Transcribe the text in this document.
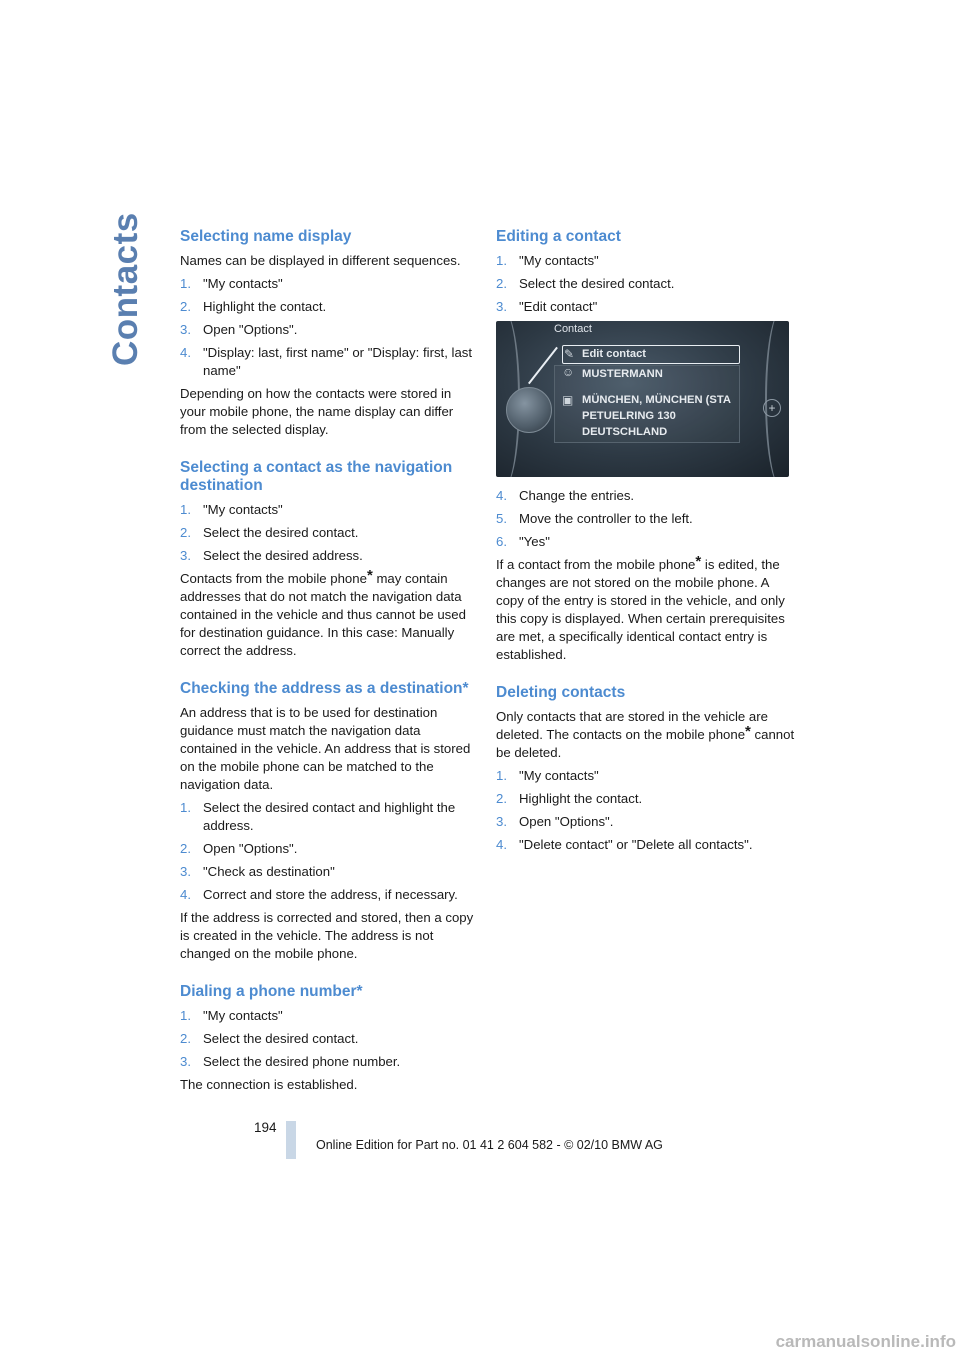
Contacts Selecting name display

Names can be displayed in different sequences.

1. "My contacts"
2. Highlight the contact.
3. Open "Options".
4. "Display: last, first name" or "Display: first, last name"

Depending on how the contacts were stored in your mobile phone, the name display can differ from the selected display.

Selecting a contact as the navigation destination
1. "My contacts"
2. Select the desired contact.
3. Select the desired address.

Contacts from the mobile phone* may contain addresses that do not match the navigation data contained in the vehicle and thus cannot be used for destination guidance. In this case: Manually correct the address.

Checking the address as a destination*

An address that is to be used for destination guidance must match the navigation data contained in the vehicle. An address that is stored on the mobile phone can be matched to the navigation data.

1. Select the desired contact and highlight the address.
2. Open "Options".
3. "Check as destination"
4. Correct and store the address, if necessary.

If the address is corrected and stored, then a copy is created in the vehicle. The address is not changed on the mobile phone.

Dialing a phone number*
1. "My contacts"
2. Select the desired contact.
3. Select the desired phone number.

The connection is established.

Editing a contact
1. "My contacts"
2. Select the desired contact.
3. "Edit contact"
Contact
✎ Edit contact
☺ MUSTERMANN
▣ MÜNCHEN, MÜNCHEN (STA
PETUELRING 130
DEUTSCHLAND
+
4. Change the entries.
5. Move the controller to the left.
6. "Yes"

If a contact from the mobile phone* is edited, the changes are not stored on the mobile phone. A copy of the entry is stored in the vehicle, and only this copy is displayed. When certain prerequisites are met, a specifically identical contact entry is established.

Deleting contacts

Only contacts that are stored in the vehicle are deleted. The contacts on the mobile phone* cannot be deleted.

1. "My contacts"
2. Highlight the contact.
3. Open "Options".
4. "Delete contact" or "Delete all contacts".
194
Online Edition for Part no. 01 41 2 604 582 - © 02/10 BMW AG
carmanualsonline.info
